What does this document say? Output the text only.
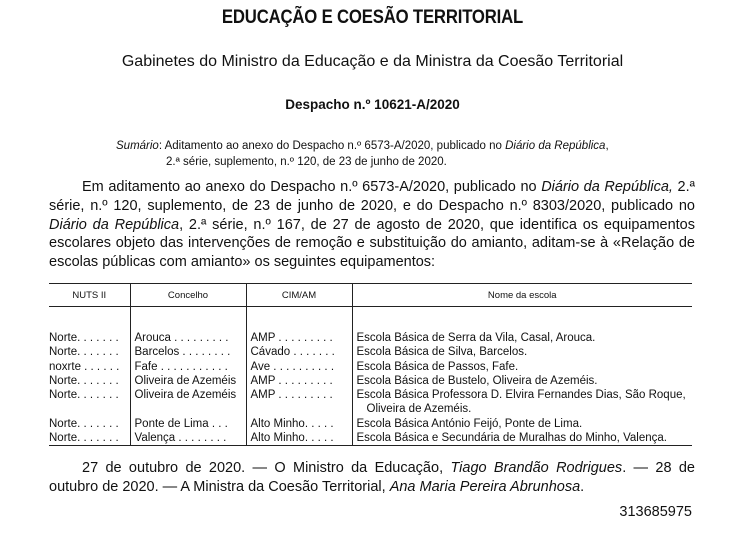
EDUCAÇÃO E COESÃO TERRITORIAL
Gabinetes do Ministro da Educação e da Ministra da Coesão Territorial
Despacho n.º 10621-A/2020
Sumário: Aditamento ao anexo do Despacho n.º 6573-A/2020, publicado no Diário da República,
2.ª série, suplemento, n.º 120, de 23 de junho de 2020.
Em aditamento ao anexo do Despacho n.º 6573-A/2020, publicado no Diário da República, 2.ª série, n.º 120, suplemento, de 23 de junho de 2020, e do Despacho n.º 8303/2020, publicado no Diário da República, 2.ª série, n.º 167, de 27 de agosto de 2020, que identifica os equipamentos escolares objeto das intervenções de remoção e substituição do amianto, aditam-se à «Relação de escolas públicas com amianto» os seguintes equipamentos:
NUTS II	Concelho	CIM/AM	Nome da escola

Norte. . . . . . .	Arouca . . . . . . . . .	AMP . . . . . . . . .	Escola Básica de Serra da Vila, Casal, Arouca.
Norte. . . . . . .	Barcelos . . . . . . . .	Cávado . . . . . . .	Escola Básica de Silva, Barcelos.
noxrte . . . . . .	Fafe . . . . . . . . . . .	Ave . . . . . . . . . .	Escola Básica de Passos, Fafe.
Norte. . . . . . .	Oliveira de Azeméis	AMP . . . . . . . . .	Escola Básica de Bustelo, Oliveira de Azeméis.
Norte. . . . . . .	Oliveira de Azeméis	AMP . . . . . . . . .	Escola Básica Professora D. Elvira Fernandes Dias, São Roque,
Oliveira de Azeméis.

Norte. . . . . . .	Ponte de Lima . . .	Alto Minho. . . . .	Escola Básica António Feijó, Ponte de Lima.
Norte. . . . . . .	Valença . . . . . . . .	Alto Minho. . . . .	Escola Básica e Secundária de Muralhas do Minho, Valença.
27 de outubro de 2020. — O Ministro da Educação, Tiago Brandão Rodrigues. — 28 de outubro de 2020. — A Ministra da Coesão Territorial, Ana Maria Pereira Abrunhosa.
313685975
